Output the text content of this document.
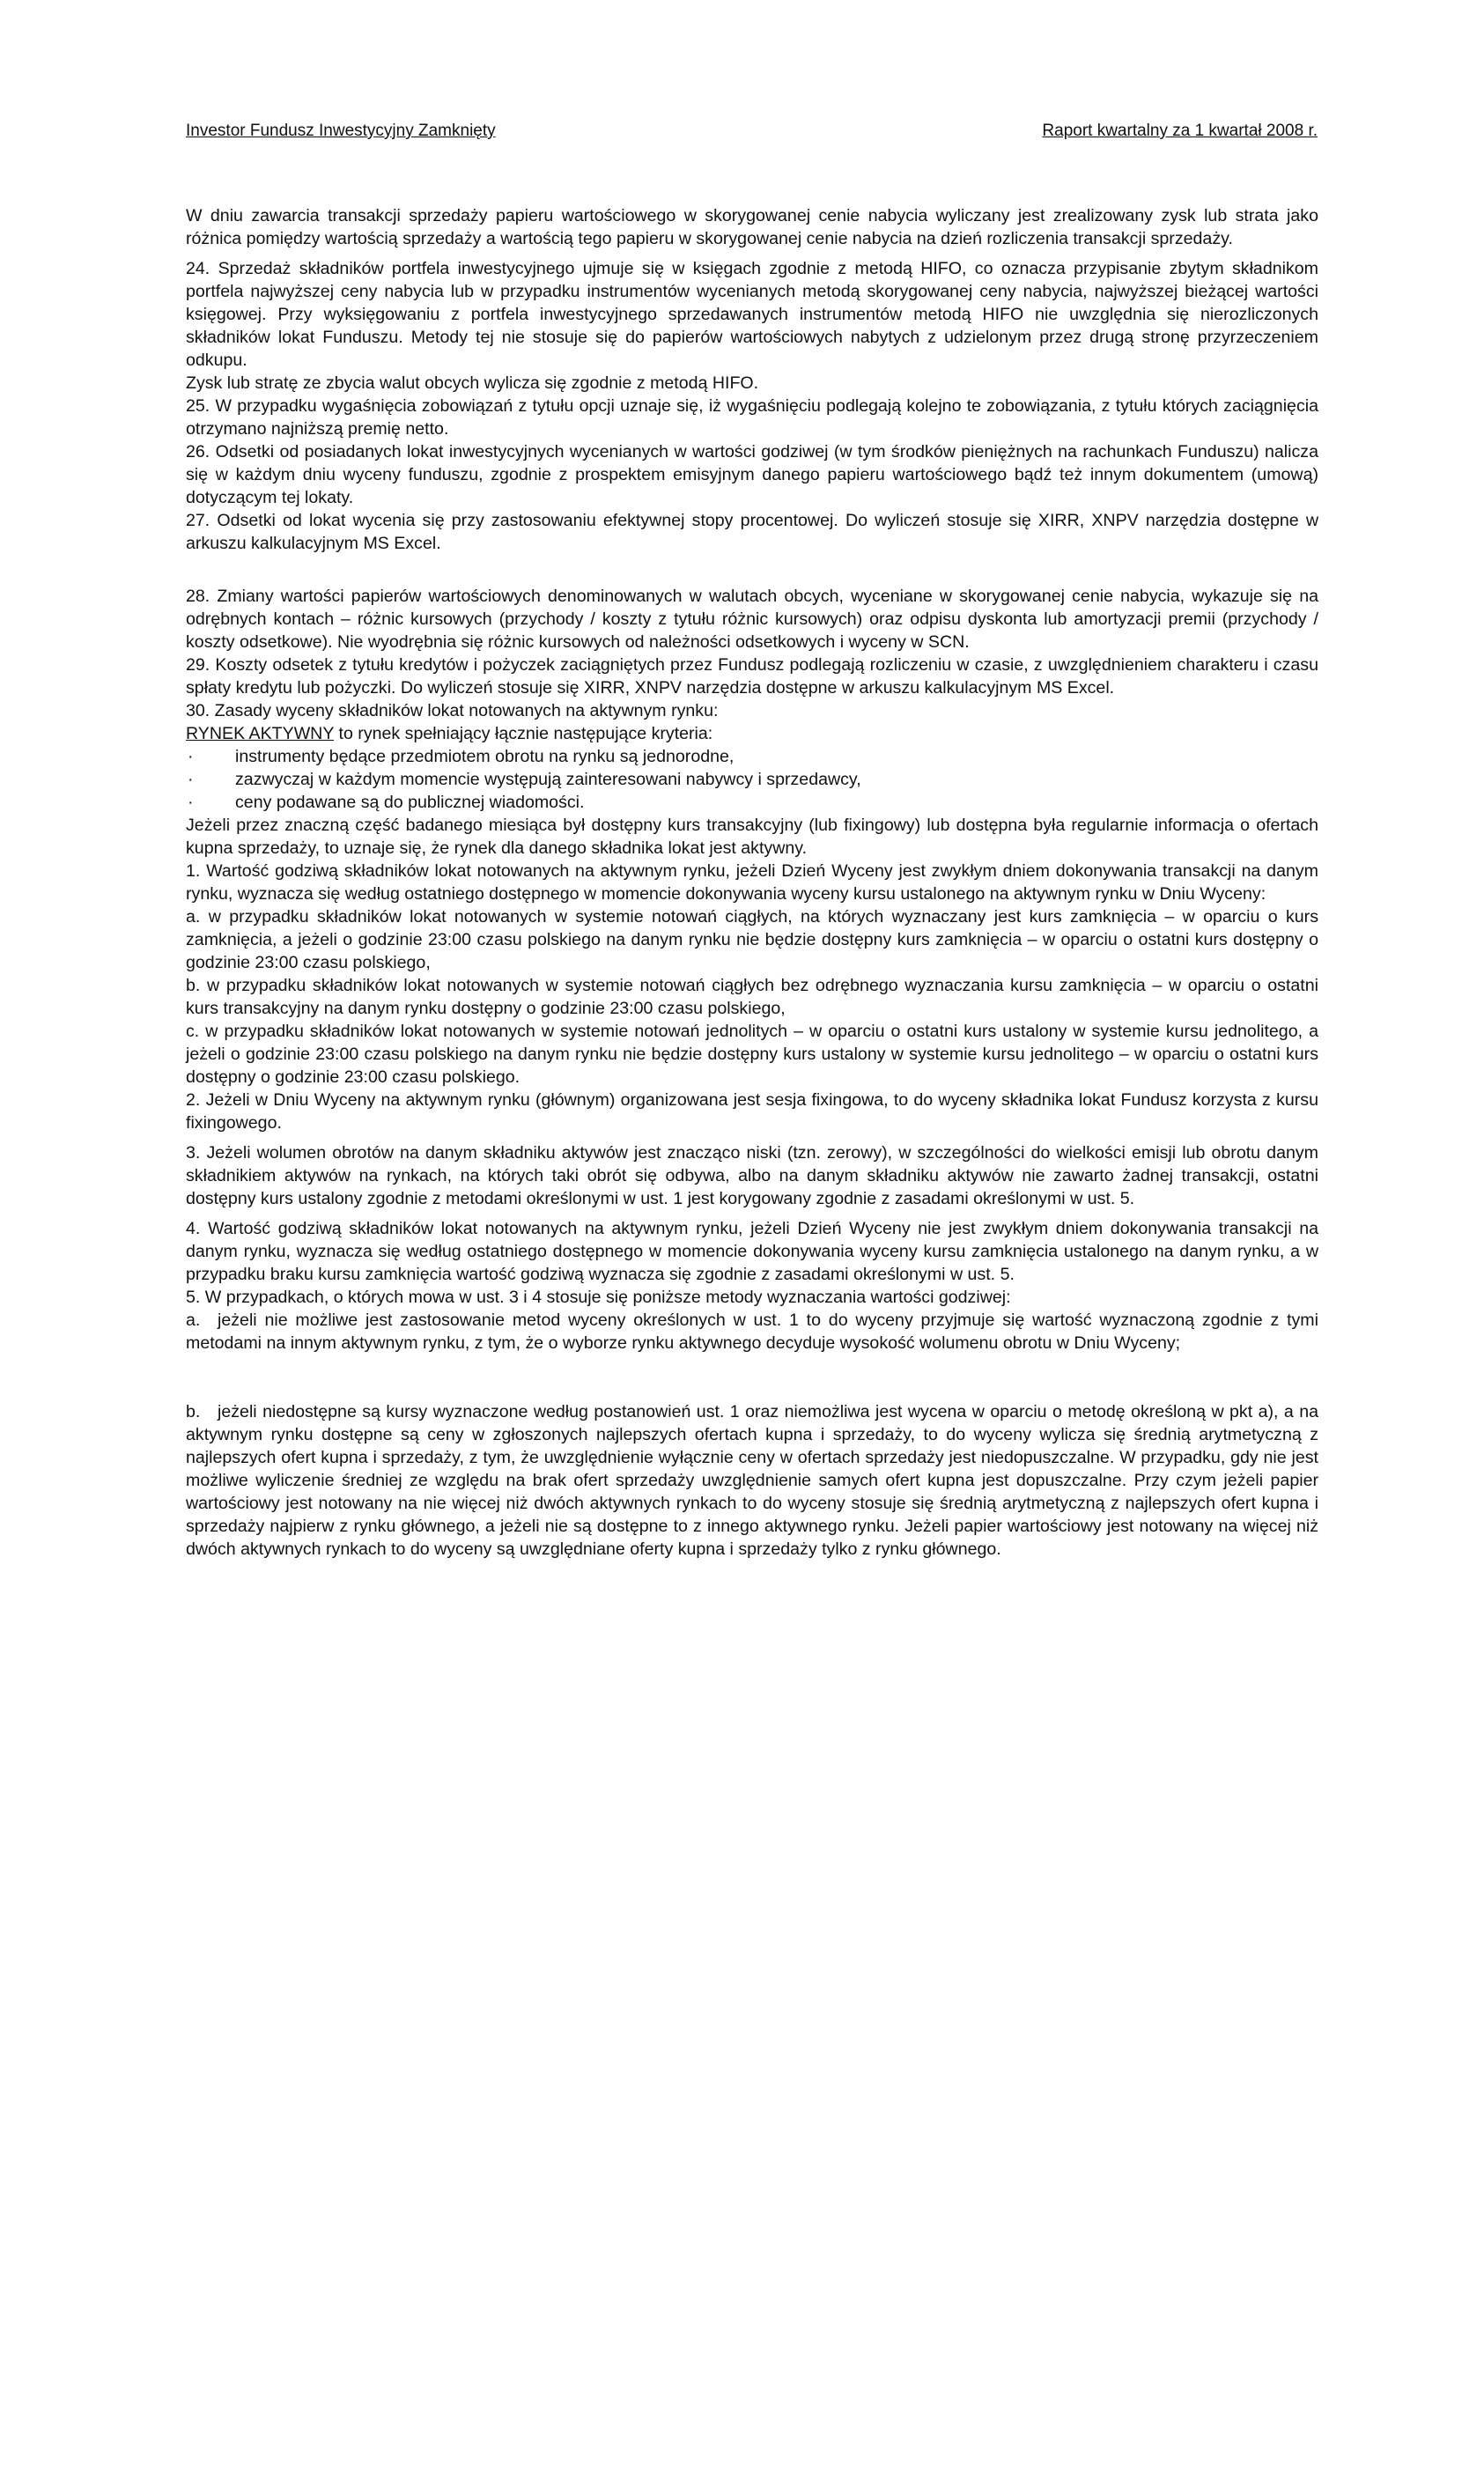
Investor Fundusz Inwestycyjny Zamknięty	Raport kwartalny za 1 kwartał 2008 r.

W dniu zawarcia transakcji sprzedaży papieru wartościowego w skorygowanej cenie nabycia wyliczany jest zrealizowany zysk lub strata jako różnica pomiędzy wartością sprzedaży a wartością tego papieru w skorygowanej cenie nabycia na dzień rozliczenia transakcji sprzedaży.

24. Sprzedaż składników portfela inwestycyjnego ujmuje się w księgach zgodnie z metodą HIFO, co oznacza przypisanie zbytym składnikom portfela najwyższej ceny nabycia lub w przypadku instrumentów wycenianych metodą skorygowanej ceny nabycia, najwyższej bieżącej wartości księgowej. Przy wyksięgowaniu z portfela inwestycyjnego sprzedawanych instrumentów metodą HIFO nie uwzględnia się nierozliczonych składników lokat Funduszu. Metody tej nie stosuje się do papierów wartościowych nabytych z udzielonym przez drugą stronę przyrzeczeniem odkupu.

Zysk lub stratę ze zbycia walut obcych wylicza się zgodnie z metodą HIFO.

25. W przypadku wygaśnięcia zobowiązań z tytułu opcji uznaje się, iż wygaśnięciu podlegają kolejno te zobowiązania, z tytułu których zaciągnięcia otrzymano najniższą premię netto.

26. Odsetki od posiadanych lokat inwestycyjnych wycenianych w wartości godziwej (w tym środków pieniężnych na rachunkach Funduszu) nalicza się w każdym dniu wyceny funduszu, zgodnie z prospektem emisyjnym danego papieru wartościowego bądź też innym dokumentem (umową) dotyczącym tej lokaty.

27. Odsetki od lokat wycenia się przy zastosowaniu efektywnej stopy procentowej. Do wyliczeń stosuje się XIRR, XNPV narzędzia dostępne w arkuszu kalkulacyjnym MS Excel.

28. Zmiany wartości papierów wartościowych denominowanych w walutach obcych, wyceniane w skorygowanej cenie nabycia, wykazuje się na odrębnych kontach – różnic kursowych (przychody / koszty z tytułu różnic kursowych) oraz odpisu dyskonta lub amortyzacji premii (przychody / koszty odsetkowe). Nie wyodrębnia się różnic kursowych od należności odsetkowych i wyceny w SCN.

29. Koszty odsetek z tytułu kredytów i pożyczek zaciągniętych przez Fundusz podlegają rozliczeniu w czasie, z uwzględnieniem charakteru i czasu spłaty kredytu lub pożyczki. Do wyliczeń stosuje się XIRR, XNPV narzędzia dostępne w arkuszu kalkulacyjnym MS Excel.

30. Zasady wyceny składników lokat notowanych na aktywnym rynku:

RYNEK AKTYWNY to rynek spełniający łącznie następujące kryteria:

· instrumenty będące przedmiotem obrotu na rynku są jednorodne,

· zazwyczaj w każdym momencie występują zainteresowani nabywcy i sprzedawcy,

· ceny podawane są do publicznej wiadomości.

Jeżeli przez znaczną część badanego miesiąca był dostępny kurs transakcyjny (lub fixingowy) lub dostępna była regularnie informacja o ofertach kupna sprzedaży, to uznaje się, że rynek dla danego składnika lokat jest aktywny.

1. Wartość godziwą składników lokat notowanych na aktywnym rynku, jeżeli Dzień Wyceny jest zwykłym dniem dokonywania transakcji na danym rynku, wyznacza się według ostatniego dostępnego w momencie dokonywania wyceny kursu ustalonego na aktywnym rynku w Dniu Wyceny:

a. w przypadku składników lokat notowanych w systemie notowań ciągłych, na których wyznaczany jest kurs zamknięcia – w oparciu o kurs zamknięcia, a jeżeli o godzinie 23:00 czasu polskiego na danym rynku nie będzie dostępny kurs zamknięcia – w oparciu o ostatni kurs dostępny o godzinie 23:00 czasu polskiego,

b. w przypadku składników lokat notowanych w systemie notowań ciągłych bez odrębnego wyznaczania kursu zamknięcia – w oparciu o ostatni kurs transakcyjny na danym rynku dostępny o godzinie 23:00 czasu polskiego,

c. w przypadku składników lokat notowanych w systemie notowań jednolitych – w oparciu o ostatni kurs ustalony w systemie kursu jednolitego, a jeżeli o godzinie 23:00 czasu polskiego na danym rynku nie będzie dostępny kurs ustalony w systemie kursu jednolitego – w oparciu o ostatni kurs dostępny o godzinie 23:00 czasu polskiego.

2. Jeżeli w Dniu Wyceny na aktywnym rynku (głównym) organizowana jest sesja fixingowa, to do wyceny składnika lokat Fundusz korzysta z kursu fixingowego.

3. Jeżeli wolumen obrotów na danym składniku aktywów jest znacząco niski (tzn. zerowy), w szczególności do wielkości emisji lub obrotu danym składnikiem aktywów na rynkach, na których taki obrót się odbywa, albo na danym składniku aktywów nie zawarto żadnej transakcji, ostatni dostępny kurs ustalony zgodnie z metodami określonymi w ust. 1 jest korygowany zgodnie z zasadami określonymi w ust. 5.

4. Wartość godziwą składników lokat notowanych na aktywnym rynku, jeżeli Dzień Wyceny nie jest zwykłym dniem dokonywania transakcji na danym rynku, wyznacza się według ostatniego dostępnego w momencie dokonywania wyceny kursu zamknięcia ustalonego na danym rynku, a w przypadku braku kursu zamknięcia wartość godziwą wyznacza się zgodnie z zasadami określonymi w ust. 5.

5. W przypadkach, o których mowa w ust. 3 i 4 stosuje się poniższe metody wyznaczania wartości godziwej:

a. jeżeli nie możliwe jest zastosowanie metod wyceny określonych w ust. 1 to do wyceny przyjmuje się wartość wyznaczoną zgodnie z tymi metodami na innym aktywnym rynku, z tym, że o wyborze rynku aktywnego decyduje wysokość wolumenu obrotu w Dniu Wyceny;

b. jeżeli niedostępne są kursy wyznaczone według postanowień ust. 1 oraz niemożliwa jest wycena w oparciu o metodę określoną w pkt a), a na aktywnym rynku dostępne są ceny w zgłoszonych najlepszych ofertach kupna i sprzedaży, to do wyceny wylicza się średnią arytmetyczną z najlepszych ofert kupna i sprzedaży, z tym, że uwzględnienie wyłącznie ceny w ofertach sprzedaży jest niedopuszczalne. W przypadku, gdy nie jest możliwe wyliczenie średniej ze względu na brak ofert sprzedaży uwzględnienie samych ofert kupna jest dopuszczalne. Przy czym jeżeli papier wartościowy jest notowany na nie więcej niż dwóch aktywnych rynkach to do wyceny stosuje się średnią arytmetyczną z najlepszych ofert kupna i sprzedaży najpierw z rynku głównego, a jeżeli nie są dostępne to z innego aktywnego rynku. Jeżeli papier wartościowy jest notowany na więcej niż dwóch aktywnych rynkach to do wyceny są uwzględniane oferty kupna i sprzedaży tylko z rynku głównego.
